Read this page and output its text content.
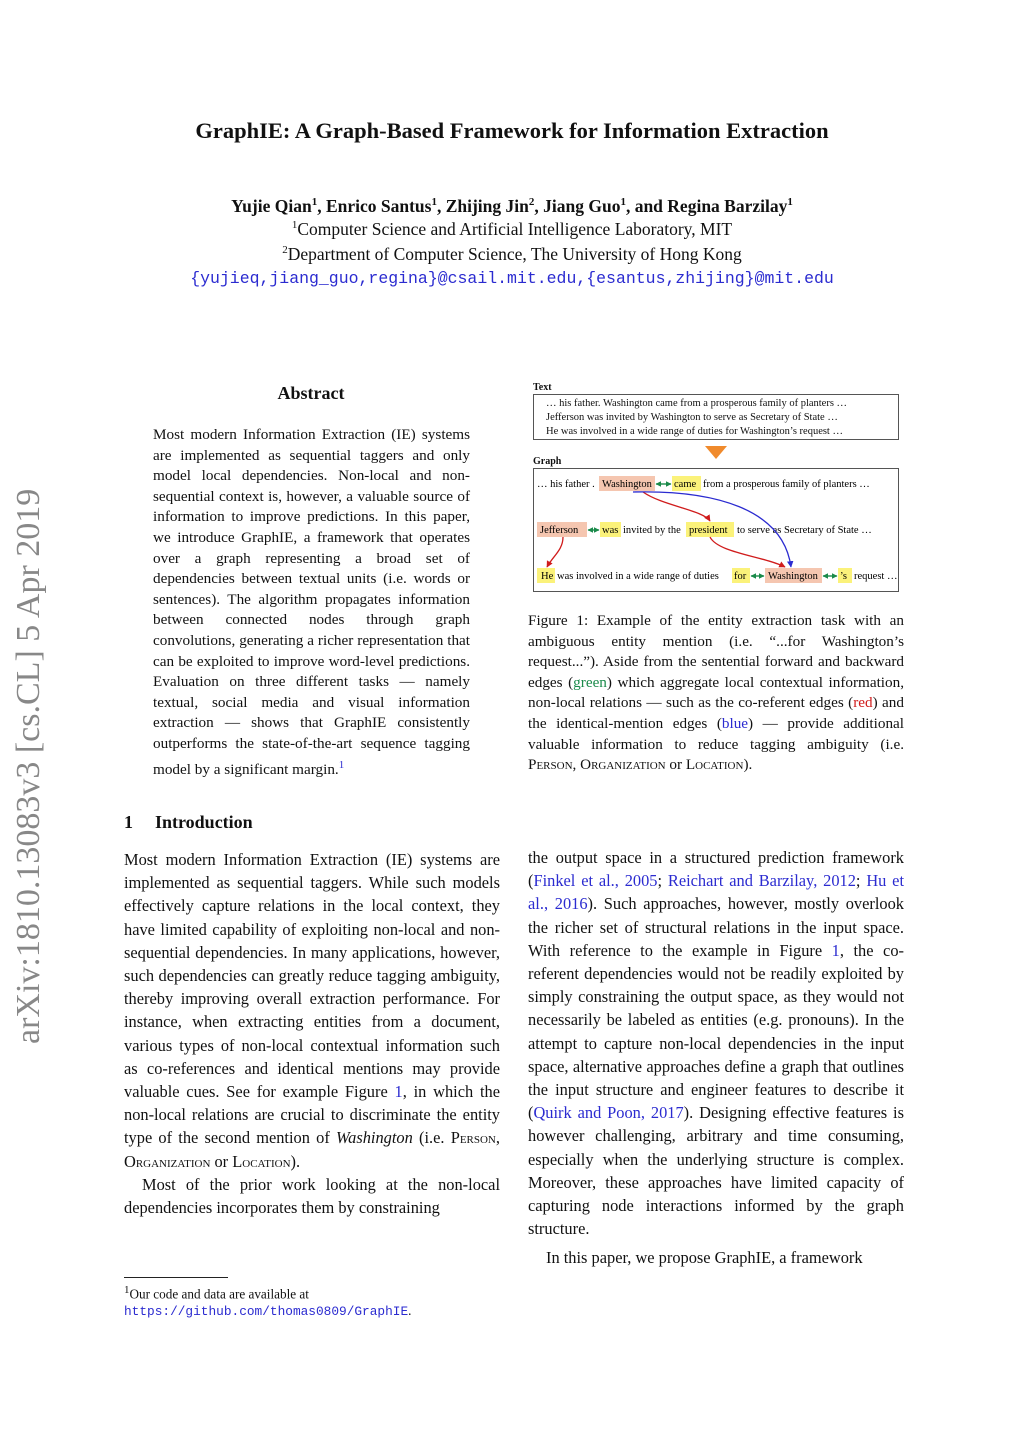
GraphIE: A Graph-Based Framework for Information Extraction
Yujie Qian$^1$, Enrico Santus$^1$, Zhijing Jin$^2$, Jiang Guo$^1$, and Regina Barzilay$^1$
$^1$Computer Science and Artificial Intelligence Laboratory, MIT
$^2$Department of Computer Science, The University of Hong Kong
{yujieq,jiang_guo,regina}@csail.mit.edu,{esantus,zhijing}@mit.edu
arXiv:1810.13083v3 [cs.CL] 5 Apr 2019
Abstract
Most modern Information Extraction (IE) systems are implemented as sequential taggers and only model local dependencies. Non-local and non-sequential context is, however, a valuable source of information to improve predictions. In this paper, we introduce GraphIE, a framework that operates over a graph representing a broad set of dependencies between textual units (i.e. words or sentences). The algorithm propagates information between connected nodes through graph convolutions, generating a richer representation that can be exploited to improve word-level predictions. Evaluation on three different tasks — namely textual, social media and visual information extraction — shows that GraphIE consistently outperforms the state-of-the-art sequence tagging model by a significant margin.$^1$
1 Introduction

Most modern Information Extraction (IE) systems are implemented as sequential taggers. While such models effectively capture relations in the local context, they have limited capability of exploiting non-local and non-sequential dependencies. In many applications, however, such dependencies can greatly reduce tagging ambiguity, thereby improving overall extraction performance. For instance, when extracting entities from a document, various types of non-local contextual information such as co-references and identical mentions may provide valuable cues. See for example Figure 1, in which the non-local relations are crucial to discriminate the entity type of the second mention of Washington (i.e. Person, Organization or Location).

Most of the prior work looking at the non-local dependencies incorporates them by constraining

$^1$Our code and data are available at https://github.com/thomas0809/GraphIE.

the output space in a structured prediction framework (Finkel et al., 2005; Reichart and Barzilay, 2012; Hu et al., 2016). Such approaches, however, mostly overlook the richer set of structural relations in the input space. With reference to the example in Figure 1, the co-referent dependencies would not be readily exploited by simply constraining the output space, as they would not necessarily be labeled as entities (e.g. pronouns). In the attempt to capture non-local dependencies in the input space, alternative approaches define a graph that outlines the input structure and engineer features to describe it (Quirk and Poon, 2017). Designing effective features is however challenging, arbitrary and time consuming, especially when the underlying structure is complex. Moreover, these approaches have limited capacity of capturing node interactions informed by the graph structure.

In this paper, we propose GraphIE, a framework

Text
… his father. Washington came from a prosperous family of planters …
Jefferson was invited by Washington to serve as Secretary of State …
He was involved in a wide range of duties for Washington’s request …
Graph
… his father . Washington came from a prosperous family of planters …
Jefferson was invited by the president to serve as Secretary of State …
He was involved in a wide range of duties for Washington ’s request …
Figure 1: Example of the entity extraction task with an ambiguous entity mention (i.e. “...for Washington’s request...”). Aside from the sentential forward and backward edges (green) which aggregate local contextual information, non-local relations — such as the co-referent edges (red) and the identical-mention edges (blue) — provide additional valuable information to reduce tagging ambiguity (i.e. Person, Organization or Location).
